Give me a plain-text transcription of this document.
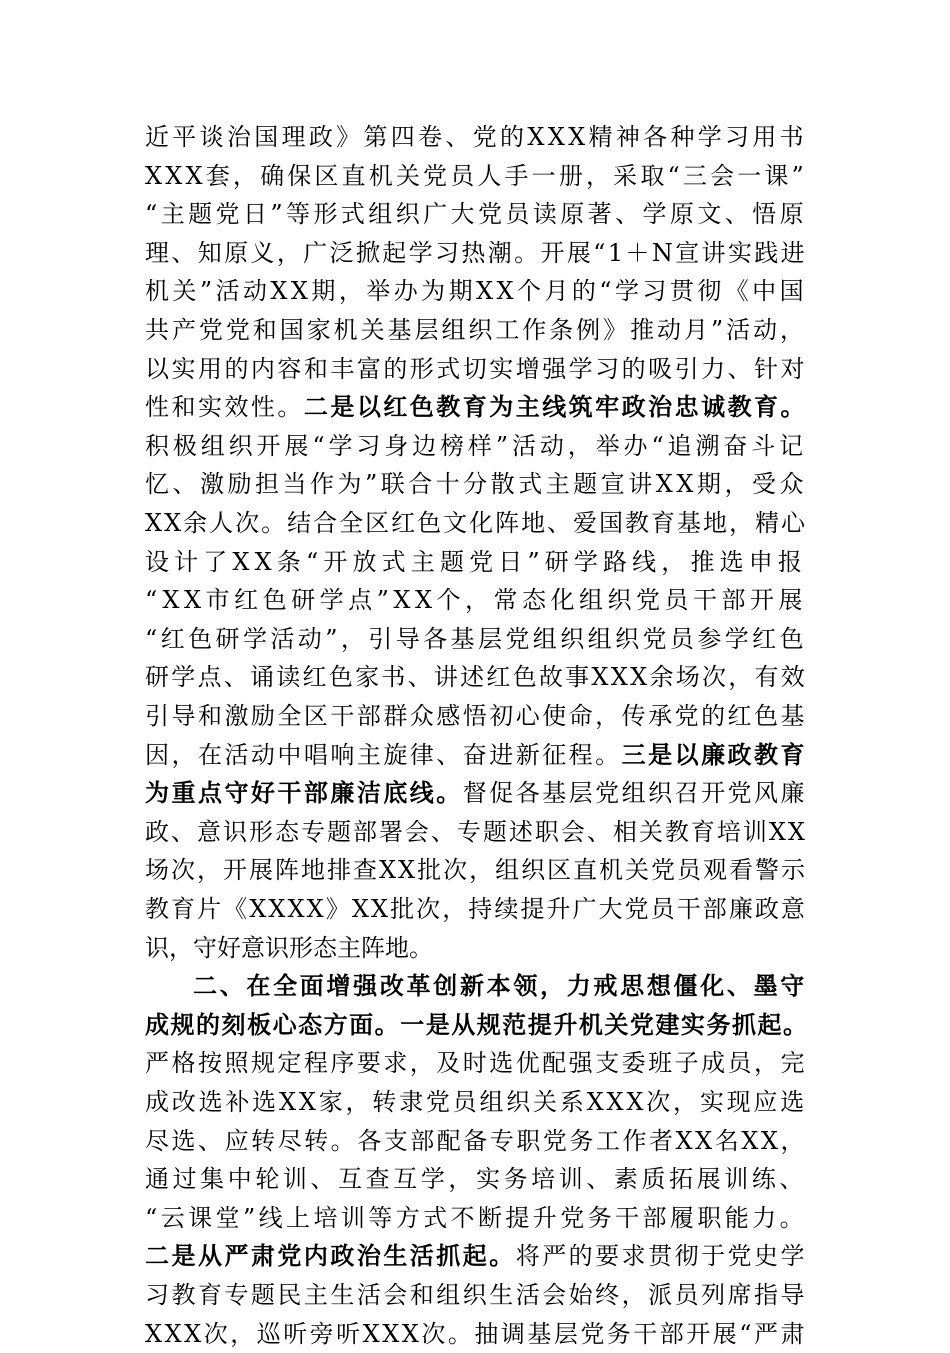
近平谈治国理政》第四卷、党的XXX精神各种学习用书
XXX套，确保区直机关党员人手一册，采取“三会一课”
“主题党日”等形式组织广大党员读原著、学原文、悟原
理、知原义，广泛掀起学习热潮。开展“1＋N宣讲实践进
机关”活动XX期，举办为期XX个月的“学习贯彻《中国
共产党党和国家机关基层组织工作条例》推动月”活动，
以实用的内容和丰富的形式切实增强学习的吸引力、针对
性和实效性。二是以红色教育为主线筑牢政治忠诚教育。
积极组织开展“学习身边榜样”活动，举办“追溯奋斗记
忆、激励担当作为”联合十分散式主题宣讲XX期，受众
XX余人次。结合全区红色文化阵地、爱国教育基地，精心
设计了XX条“开放式主题党日”研学路线，推选申报
“XX市红色研学点”XX个，常态化组织党员干部开展
“红色研学活动”，引导各基层党组织组织党员参学红色
研学点、诵读红色家书、讲述红色故事XXX余场次，有效
引导和激励全区干部群众感悟初心使命，传承党的红色基
因，在活动中唱响主旋律、奋进新征程。三是以廉政教育
为重点守好干部廉洁底线。督促各基层党组织召开党风廉
政、意识形态专题部署会、专题述职会、相关教育培训XX
场次，开展阵地排查XX批次，组织区直机关党员观看警示
教育片《XXXX》XX批次，持续提升广大党员干部廉政意
识，守好意识形态主阵地。
二、在全面增强改革创新本领，力戒思想僵化、墨守
成规的刻板心态方面。一是从规范提升机关党建实务抓起。
严格按照规定程序要求，及时选优配强支委班子成员，完
成改选补选XX家，转隶党员组织关系XXX次，实现应选
尽选、应转尽转。各支部配备专职党务工作者XX名XX，
通过集中轮训、互查互学，实务培训、素质拓展训练、
“云课堂”线上培训等方式不断提升党务干部履职能力。
二是从严肃党内政治生活抓起。将严的要求贯彻于党史学
习教育专题民主生活会和组织生活会始终，派员列席指导
XXX次，巡听旁听XXX次。抽调基层党务干部开展“严肃
